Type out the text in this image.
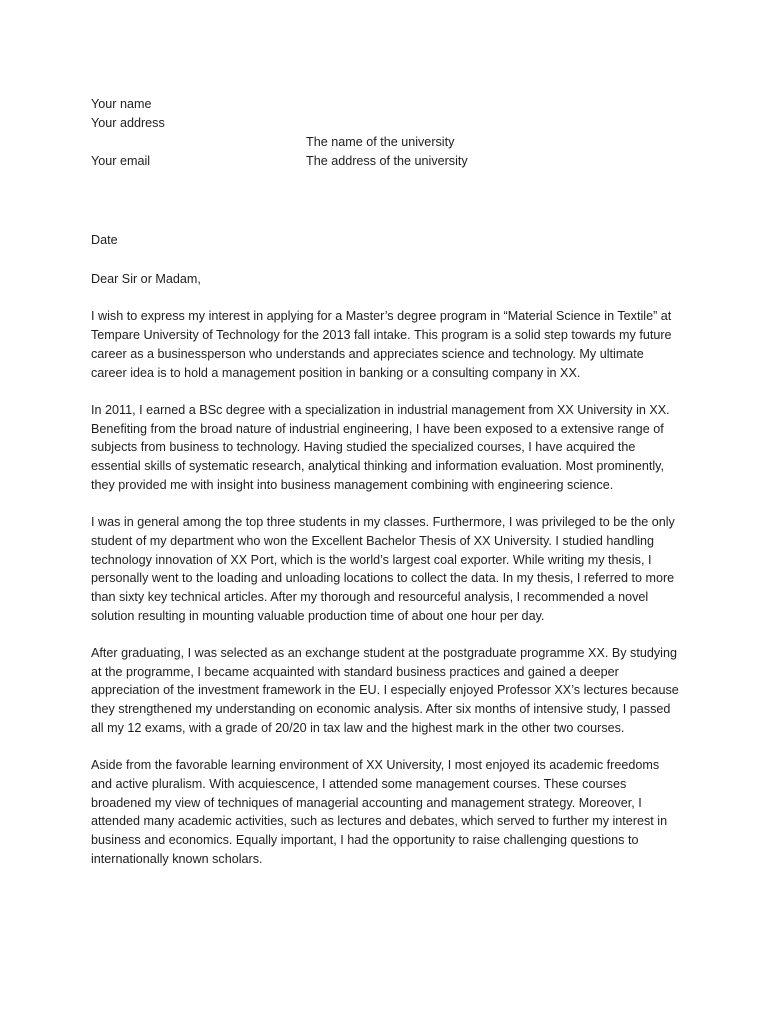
Your name
Your address
The name of the university
Your email	The address of the university
Date

Dear Sir or Madam,

I wish to express my interest in applying for a Master’s degree program in “Material Science in Textile” at
Tempare University of Technology for the 2013 fall intake. This program is a solid step towards my future
career as a businessperson who understands and appreciates science and technology. My ultimate
career idea is to hold a management position in banking or a consulting company in XX.

In 2011, I earned a BSc degree with a specialization in industrial management from XX University in XX.
Benefiting from the broad nature of industrial engineering, I have been exposed to a extensive range of
subjects from business to technology. Having studied the specialized courses, I have acquired the
essential skills of systematic research, analytical thinking and information evaluation. Most prominently,
they provided me with insight into business management combining with engineering science.

I was in general among the top three students in my classes. Furthermore, I was privileged to be the only
student of my department who won the Excellent Bachelor Thesis of XX University. I studied handling
technology innovation of XX Port, which is the world’s largest coal exporter. While writing my thesis, I
personally went to the loading and unloading locations to collect the data. In my thesis, I referred to more
than sixty key technical articles. After my thorough and resourceful analysis, I recommended a novel
solution resulting in mounting valuable production time of about one hour per day.

After graduating, I was selected as an exchange student at the postgraduate programme XX. By studying
at the programme, I became acquainted with standard business practices and gained a deeper
appreciation of the investment framework in the EU. I especially enjoyed Professor XX’s lectures because
they strengthened my understanding on economic analysis. After six months of intensive study, I passed
all my 12 exams, with a grade of 20/20 in tax law and the highest mark in the other two courses.

Aside from the favorable learning environment of XX University, I most enjoyed its academic freedoms
and active pluralism. With acquiescence, I attended some management courses. These courses
broadened my view of techniques of managerial accounting and management strategy. Moreover, I
attended many academic activities, such as lectures and debates, which served to further my interest in
business and economics. Equally important, I had the opportunity to raise challenging questions to
internationally known scholars.
